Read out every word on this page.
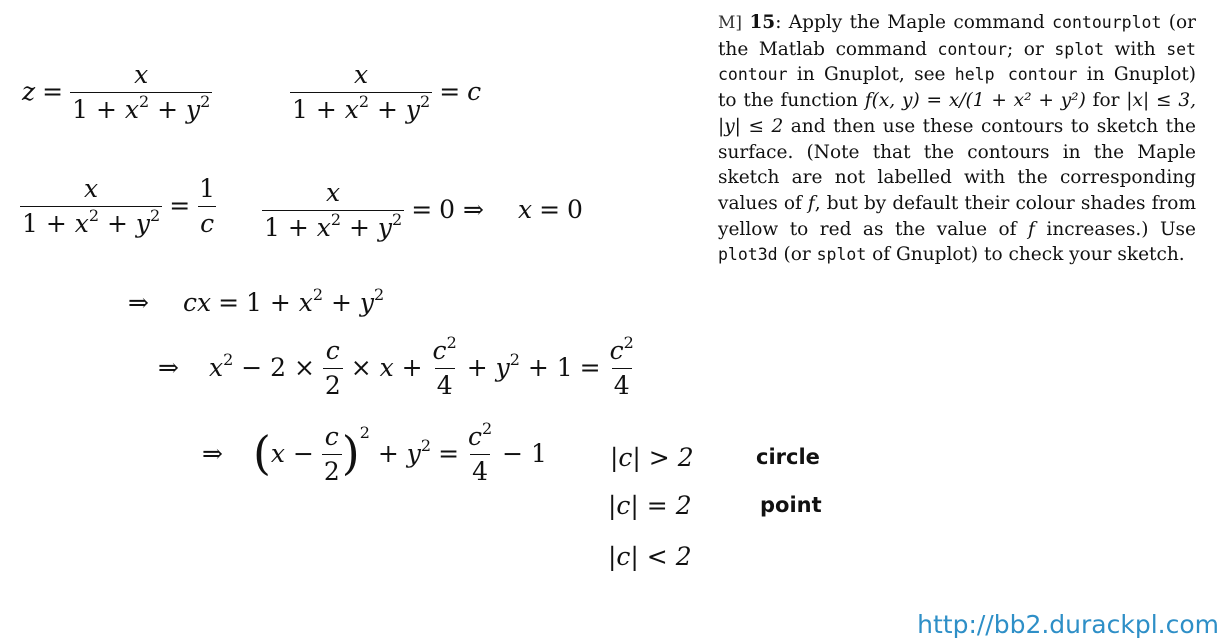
$z = \frac{x}{1 + x^2 + y^2}$	$\frac{x}{1 + x^2 + y^2} = c$
$\frac{x}{1 + x^2 + y^2} = \frac{1}{c} \frac{x}{1 + x^2 + y^2} = 0$ ⇒ x = 0
⇒ cx = $1 + x^2 + y^2$
⇒ $x^2 - 2 \times \frac{c}{2} \times x + \frac{c^2}{4} + y^2 + 1 = \frac{c^2}{4}$
⇒ $(x - \frac{c}{2} )^2 + y^2 = \frac{c^2}{4} - 1$	|c| > 2	circle
|c| = 2	point
|c| < 2
M] 15: Apply the Maple command contourplot (or the Matlab command contour; or splot with set contour in Gnuplot, see help contour in Gnuplot) to the function f(x, y) = x/(1 + x² + y²) for |x| ≤ 3, |y| ≤ 2 and then use these contours to sketch the surface. (Note that the contours in the Maple sketch are not labelled with the corresponding values of f, but by default their colour shades from yellow to red as the value of f increases.) Use plot3d (or splot of Gnuplot) to check your sketch.
http://bb2.durackpl.com
